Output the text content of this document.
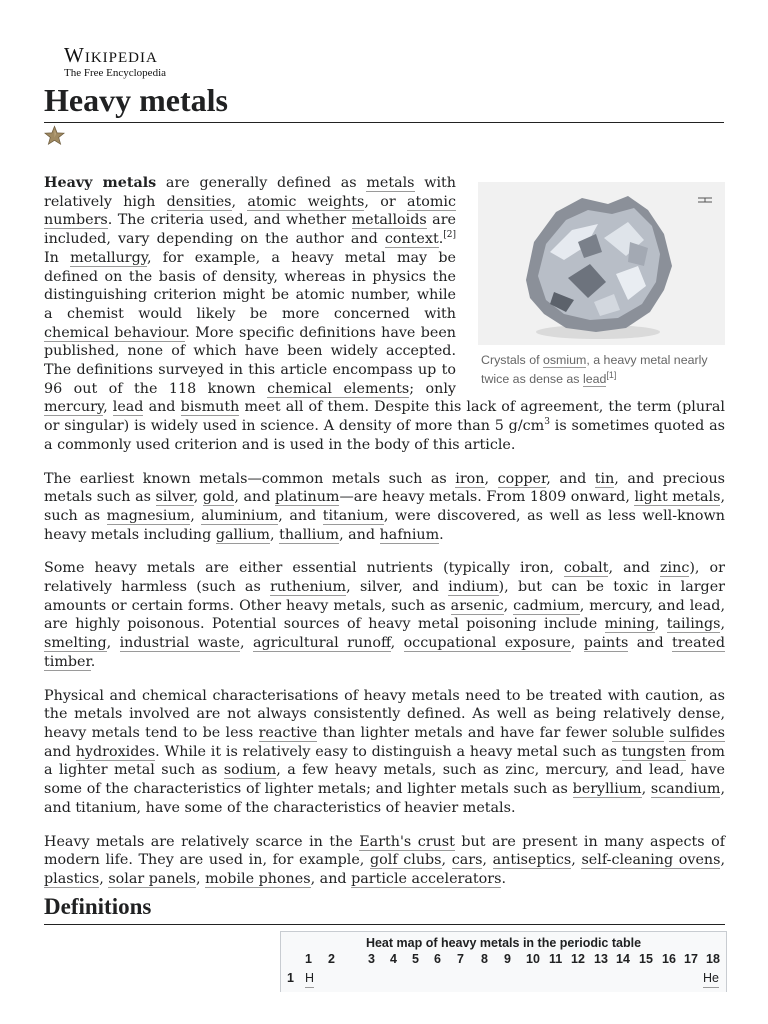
Wikipedia
The Free Encyclopedia
Heavy metals
Crystals of osmium, a heavy metal nearly twice as dense as lead[1]

Heavy metals are generally defined as metals with relatively high densities, atomic weights, or atomic numbers. The criteria used, and whether metalloids are included, vary depending on the author and context.[2] In metallurgy, for example, a heavy metal may be defined on the basis of density, whereas in physics the distinguishing criterion might be atomic number, while a chemist would likely be more concerned with chemical behaviour. More specific definitions have been published, none of which have been widely accepted. The definitions surveyed in this article encompass up to 96 out of the 118 known chemical elements; only mercury, lead and bismuth meet all of them. Despite this lack of agreement, the term (plural or singular) is widely used in science. A density of more than 5 $g/cm^3$ is sometimes quoted as a commonly used criterion and is used in the body of this article.

The earliest known metals—common metals such as iron, copper, and tin, and precious metals such as silver, gold, and platinum—are heavy metals. From 1809 onward, light metals, such as magnesium, aluminium, and titanium, were discovered, as well as less well-known heavy metals including gallium, thallium, and hafnium.

Some heavy metals are either essential nutrients (typically iron, cobalt, and zinc), or relatively harmless (such as ruthenium, silver, and indium), but can be toxic in larger amounts or certain forms. Other heavy metals, such as arsenic, cadmium, mercury, and lead, are highly poisonous. Potential sources of heavy metal poisoning include mining, tailings, smelting, industrial waste, agricultural runoff, occupational exposure, paints and treated timber.

Physical and chemical characterisations of heavy metals need to be treated with caution, as the metals involved are not always consistently defined. As well as being relatively dense, heavy metals tend to be less reactive than lighter metals and have far fewer soluble sulfides and hydroxides. While it is relatively easy to distinguish a heavy metal such as tungsten from a lighter metal such as sodium, a few heavy metals, such as zinc, mercury, and lead, have some of the characteristics of lighter metals; and lighter metals such as beryllium, scandium, and titanium, have some of the characteristics of heavier metals.

Heavy metals are relatively scarce in the Earth's crust but are present in many aspects of modern life. They are used in, for example, golf clubs, cars, antiseptics, self-cleaning ovens, plastics, solar panels, mobile phones, and particle accelerators.

Definitions
Heat map of heavy metals in the periodic table
1 2	3 4 5 6 7 8 9 10 11 12 13 14 15 16 17 18
1 H	He
